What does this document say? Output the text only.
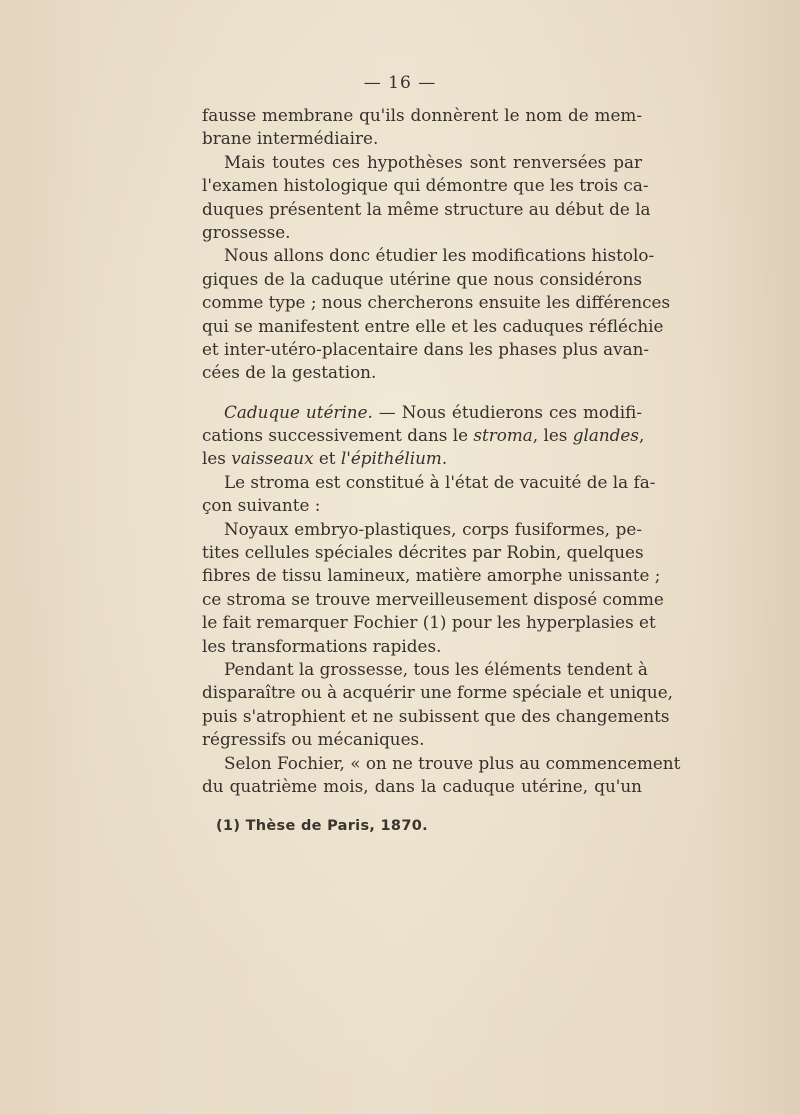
— 16 —
fausse membrane qu'ils donnèrent le nom de mem-
brane intermédiaire.
Mais toutes ces hypothèses sont renversées par
l'examen histologique qui démontre que les trois ca-
duques présentent la même structure au début de la
grossesse.
Nous allons donc étudier les modifications histolo-
giques de la caduque utérine que nous considérons
comme type ; nous chercherons ensuite les différences
qui se manifestent entre elle et les caduques réfléchie
et inter-utéro-placentaire dans les phases plus avan-
cées de la gestation.
Caduque utérine. — Nous étudierons ces modifi-
cations successivement dans le stroma, les glandes,
les vaisseaux et l'épithélium.
Le stroma est constitué à l'état de vacuité de la fa-
çon suivante :
Noyaux embryo-plastiques, corps fusiformes, pe-
tites cellules spéciales décrites par Robin, quelques
fibres de tissu lamineux, matière amorphe unissante ;
ce stroma se trouve merveilleusement disposé comme
le fait remarquer Fochier (1) pour les hyperplasies et
les transformations rapides.
Pendant la grossesse, tous les éléments tendent à
disparaître ou à acquérir une forme spéciale et unique,
puis s'atrophient et ne subissent que des changements
régressifs ou mécaniques.
Selon Fochier, « on ne trouve plus au commencement
du quatrième mois, dans la caduque utérine, qu'un
(1) Thèse de Paris, 1870.
